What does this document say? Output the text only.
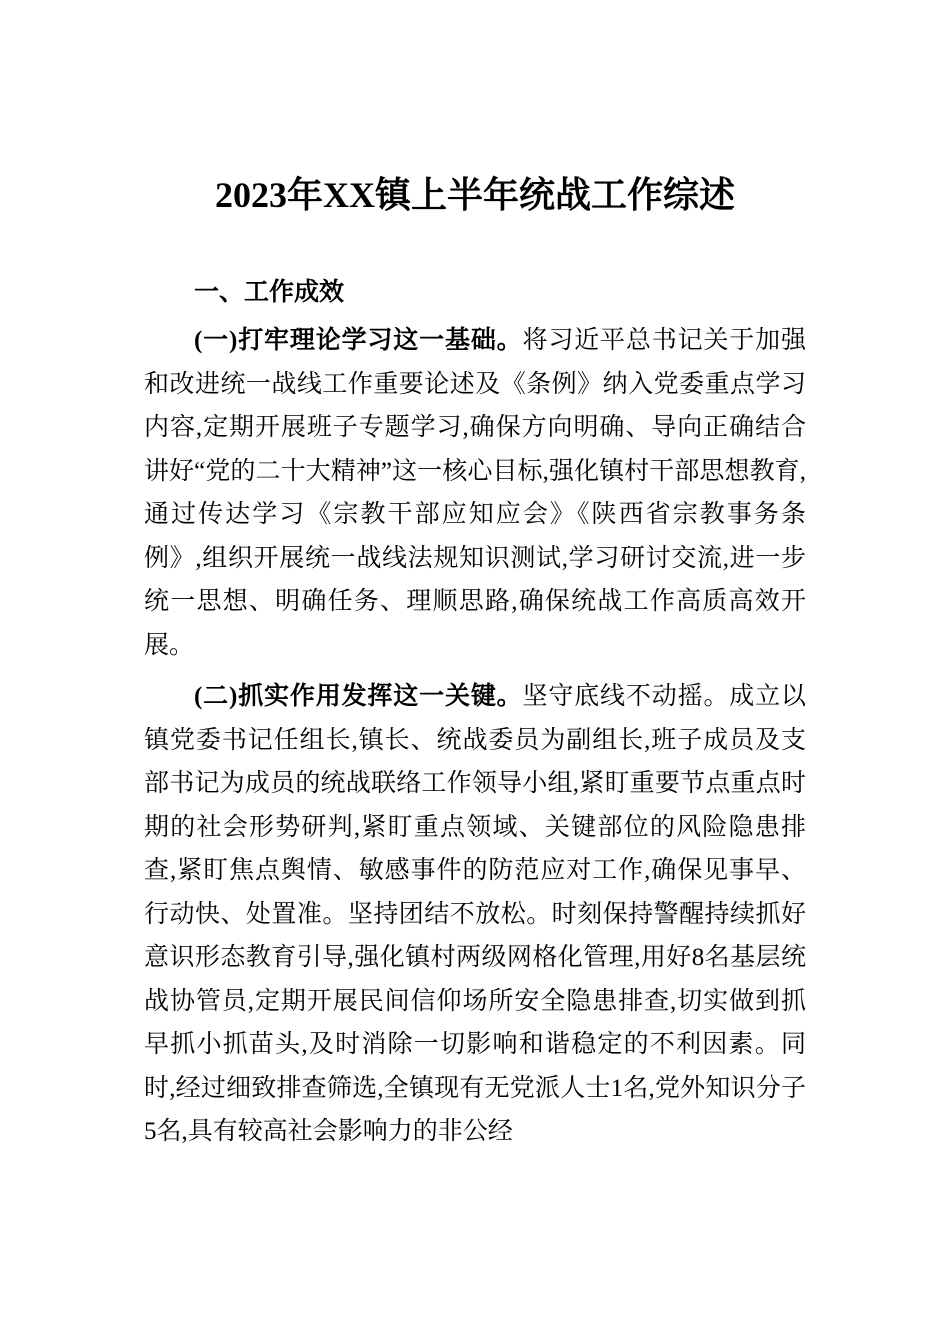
2023年XX镇上半年统战工作综述
一、工作成效

(一)打牢理论学习这一基础。将习近平总书记关于加强和改进统一战线工作重要论述及《条例》纳入党委重点学习内容,定期开展班子专题学习,确保方向明确、导向正确结合讲好“党的二十大精神”这一核心目标,强化镇村干部思想教育,通过传达学习《宗教干部应知应会》《陕西省宗教事务条例》,组织开展统一战线法规知识测试,学习研讨交流,进一步统一思想、明确任务、理顺思路,确保统战工作高质高效开展。

(二)抓实作用发挥这一关键。坚守底线不动摇。成立以镇党委书记任组长,镇长、统战委员为副组长,班子成员及支部书记为成员的统战联络工作领导小组,紧盯重要节点重点时期的社会形势研判,紧盯重点领域、关键部位的风险隐患排查,紧盯焦点舆情、敏感事件的防范应对工作,确保见事早、行动快、处置准。坚持团结不放松。时刻保持警醒持续抓好意识形态教育引导,强化镇村两级网格化管理,用好8名基层统战协管员,定期开展民间信仰场所安全隐患排查,切实做到抓早抓小抓苗头,及时消除一切影响和谐稳定的不利因素。同时,经过细致排查筛选,全镇现有无党派人士1名,党外知识分子5名,具有较高社会影响力的非公经
